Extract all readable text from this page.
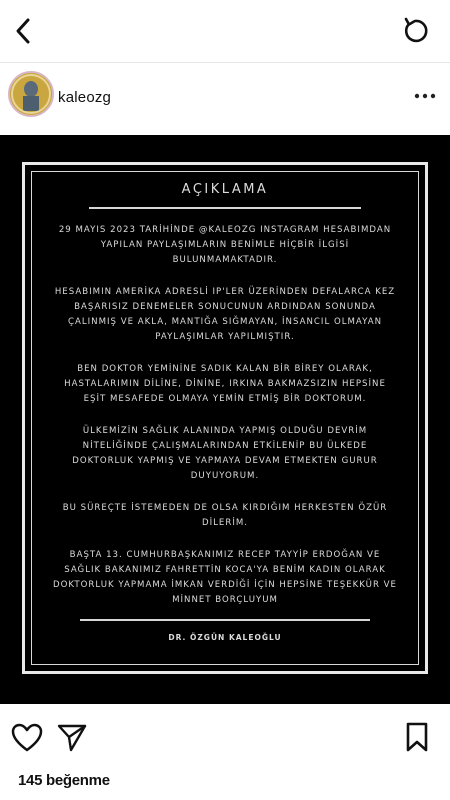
kaleozg
AÇIKLAMA
29 MAYIS 2023 TARİHİNDE @KALEOZG INSTAGRAM HESABIMDAN YAPILAN PAYLAŞIMLARIN BENİMLE HİÇBİR İLGİSİ BULUNMAMAKTADIR.
HESABIMIN AMERİKA ADRESLİ IP'LER ÜZERİNDEN DEFALARCA KEZ BAŞARISIZ DENEMELER SONUCUNUN ARDINDAN SONUNDA ÇALINMIŞ VE AKLA, MANTIĞA SIĞMAYAN, İNSANCIL OLMAYAN PAYLAŞIMLAR YAPILMIŞTIR.
BEN DOKTOR YEMİNİNE SADIK KALAN BİR BİREY OLARAK, HASTALARIMIN DİLİNE, DİNİNE, IRKINA BAKMAZSIZIN HEPSİNE EŞİT MESAFEDE OLMAYA YEMİN ETMİŞ BİR DOKTORUM.
ÜLKEMİZİN SAĞLIK ALANINDA YAPMIŞ OLDUĞU DEVRİM NİTELİĞİNDE ÇALIŞMALARINDAN ETKİLENİP BU ÜLKEDE DOKTORLUK YAPMIŞ VE YAPMAYA DEVAM ETMEKTEN GURUR DUYUYORUM.
BU SÜREÇTE İSTEMEDEN DE OLSA KIRDIĞIM HERKESTEN ÖZÜR DİLERİM.
BAŞTA 13. CUMHURBAŞKANIMIZ RECEP TAYYİP ERDOĞAN VE SAĞLIK BAKANIMIZ FAHRETTİN KOCA'YA BENİM KADIN OLARAK DOKTORLUK YAPMAMA İMKAN VERDİĞİ İÇİN HEPSİNE TEŞEKKÜR VE MİNNET BORÇLUYUM
DR. ÖZGÜN KALEOĞLU
145 beğenme
